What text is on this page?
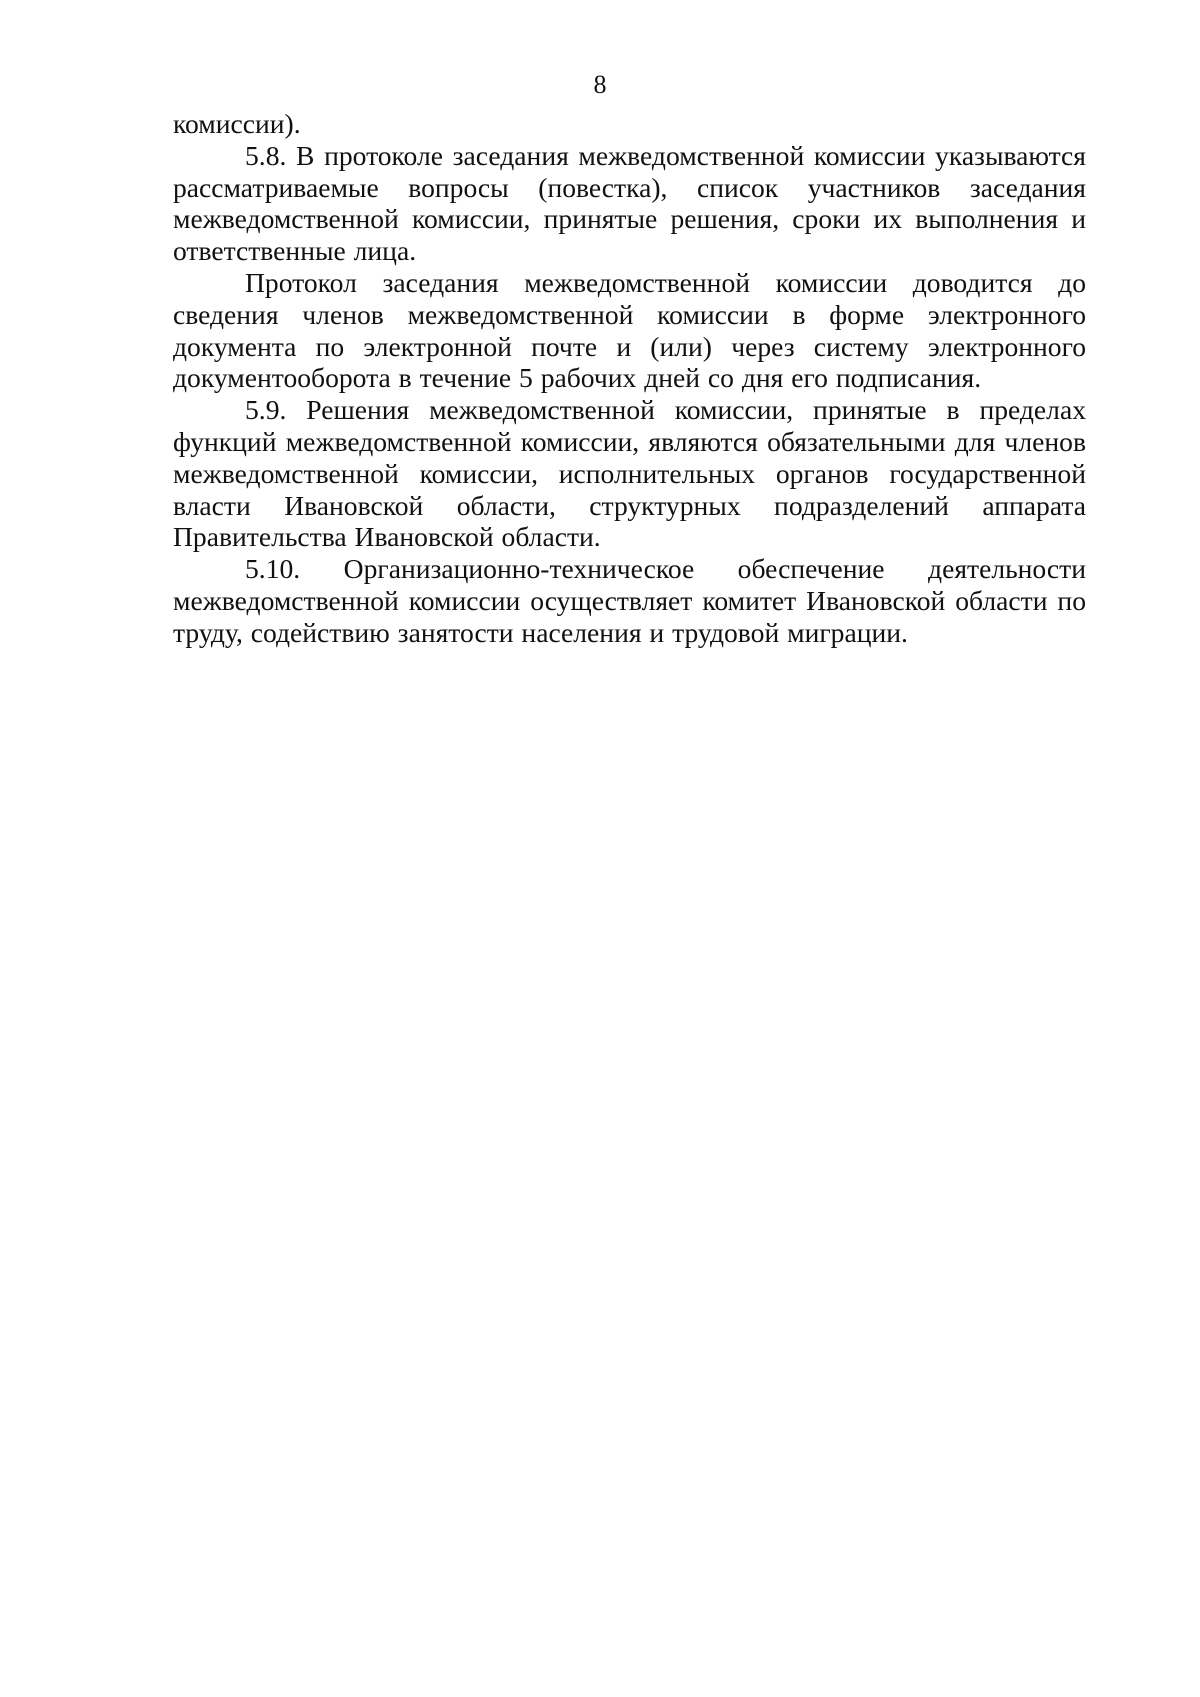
8

комиссии).

5.8. В протоколе заседания межведомственной комиссии указываются рассматриваемые вопросы (повестка), список участников заседания межведомственной комиссии, принятые решения, сроки их выполнения и ответственные лица.

Протокол заседания межведомственной комиссии доводится до сведения членов межведомственной комиссии в форме электронного документа по электронной почте и (или) через систему электронного документооборота в течение 5 рабочих дней со дня его подписания.

5.9. Решения межведомственной комиссии, принятые в пределах функций межведомственной комиссии, являются обязательными для членов межведомственной комиссии, исполнительных органов государственной власти Ивановской области, структурных подразделений аппарата Правительства Ивановской области.

5.10. Организационно-техническое обеспечение деятельности межведомственной комиссии осуществляет комитет Ивановской области по труду, содействию занятости населения и трудовой миграции.
